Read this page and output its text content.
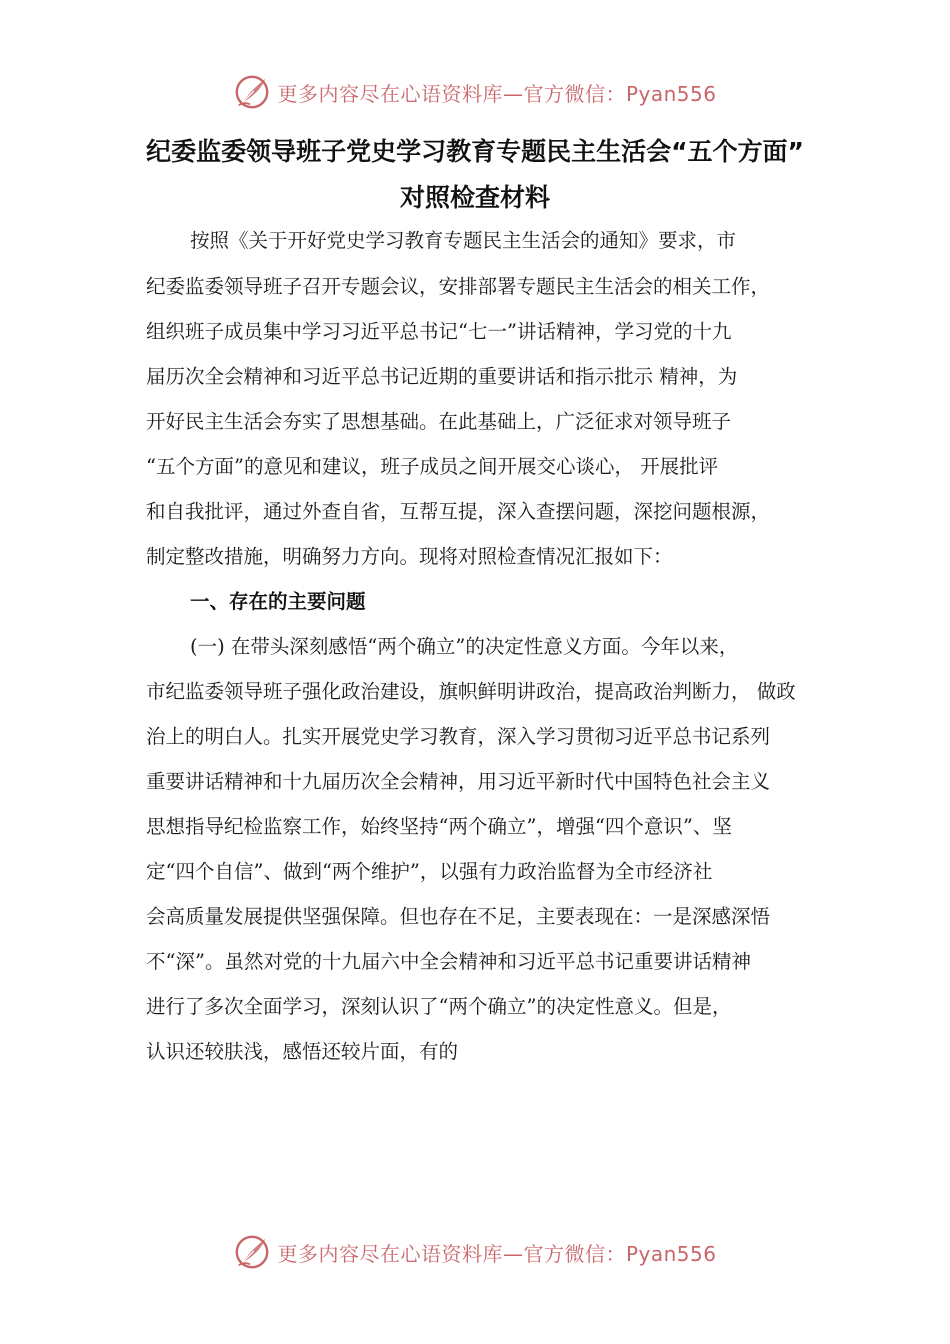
更多内容尽在心语资料库—官方微信：Pyan556
纪委监委领导班子党史学习教育专题民主生活会“五个方面”
对照检查材料
按照《关于开好党史学习教育专题民主生活会的通知》要求，市
纪委监委领导班子召开专题会议，安排部署专题民主生活会的相关工作，
组织班子成员集中学习习近平总书记“七一”讲话精神，学习党的十九
届历次全会精神和习近平总书记近期的重要讲话和指示批示 精神，为
开好民主生活会夯实了思想基础。在此基础上，广泛征求对领导班子
“五个方面”的意见和建议，班子成员之间开展交心谈心， 开展批评
和自我批评，通过外查自省，互帮互提，深入查摆问题，深挖问题根源，
制定整改措施，明确努力方向。现将对照检查情况汇报如下：
一、存在的主要问题
(一) 在带头深刻感悟“两个确立”的决定性意义方面。今年以来，
市纪监委领导班子强化政治建设，旗帜鲜明讲政治，提高政治判断力， 做政
治上的明白人。扎实开展党史学习教育，深入学习贯彻习近平总书记系列
重要讲话精神和十九届历次全会精神，用习近平新时代中国特色社会主义
思想指导纪检监察工作，始终坚持“两个确立”，增强“四个意识”、坚
定“四个自信”、做到“两个维护”，以强有力政治监督为全市经济社
会高质量发展提供坚强保障。但也存在不足，主要表现在：一是深感深悟
不“深”。虽然对党的十九届六中全会精神和习近平总书记重要讲话精神
进行了多次全面学习，深刻认识了“两个确立”的决定性意义。但是，
认识还较肤浅，感悟还较片面，有的
更多内容尽在心语资料库—官方微信：Pyan556
